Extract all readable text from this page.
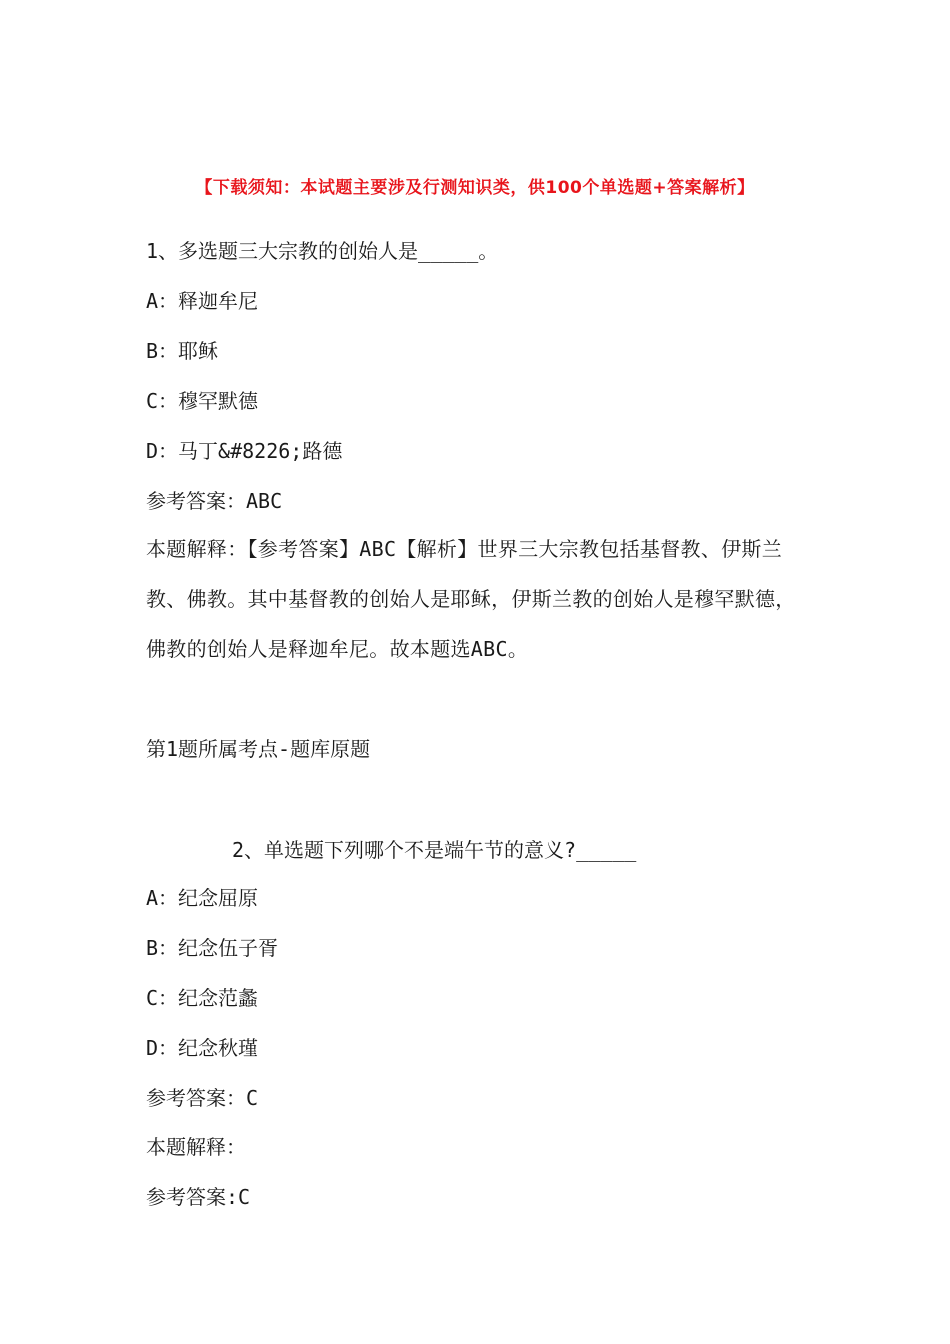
【下载须知：本试题主要涉及行测知识类，供100个单选题+答案解析】
1、多选题三大宗教的创始人是_____。
A：释迦牟尼
B：耶稣
C：穆罕默德
D：马丁&#8226;路德
参考答案：ABC
本题解释：【参考答案】ABC【解析】世界三大宗教包括基督教、伊斯兰教、佛教。其中基督教的创始人是耶稣，伊斯兰教的创始人是穆罕默德，佛教的创始人是释迦牟尼。故本题选ABC。
第1题所属考点-题库原题
2、单选题下列哪个不是端午节的意义?_____
A：纪念屈原
B：纪念伍子胥
C：纪念范蠡
D：纪念秋瑾
参考答案：C
本题解释：
参考答案:C
